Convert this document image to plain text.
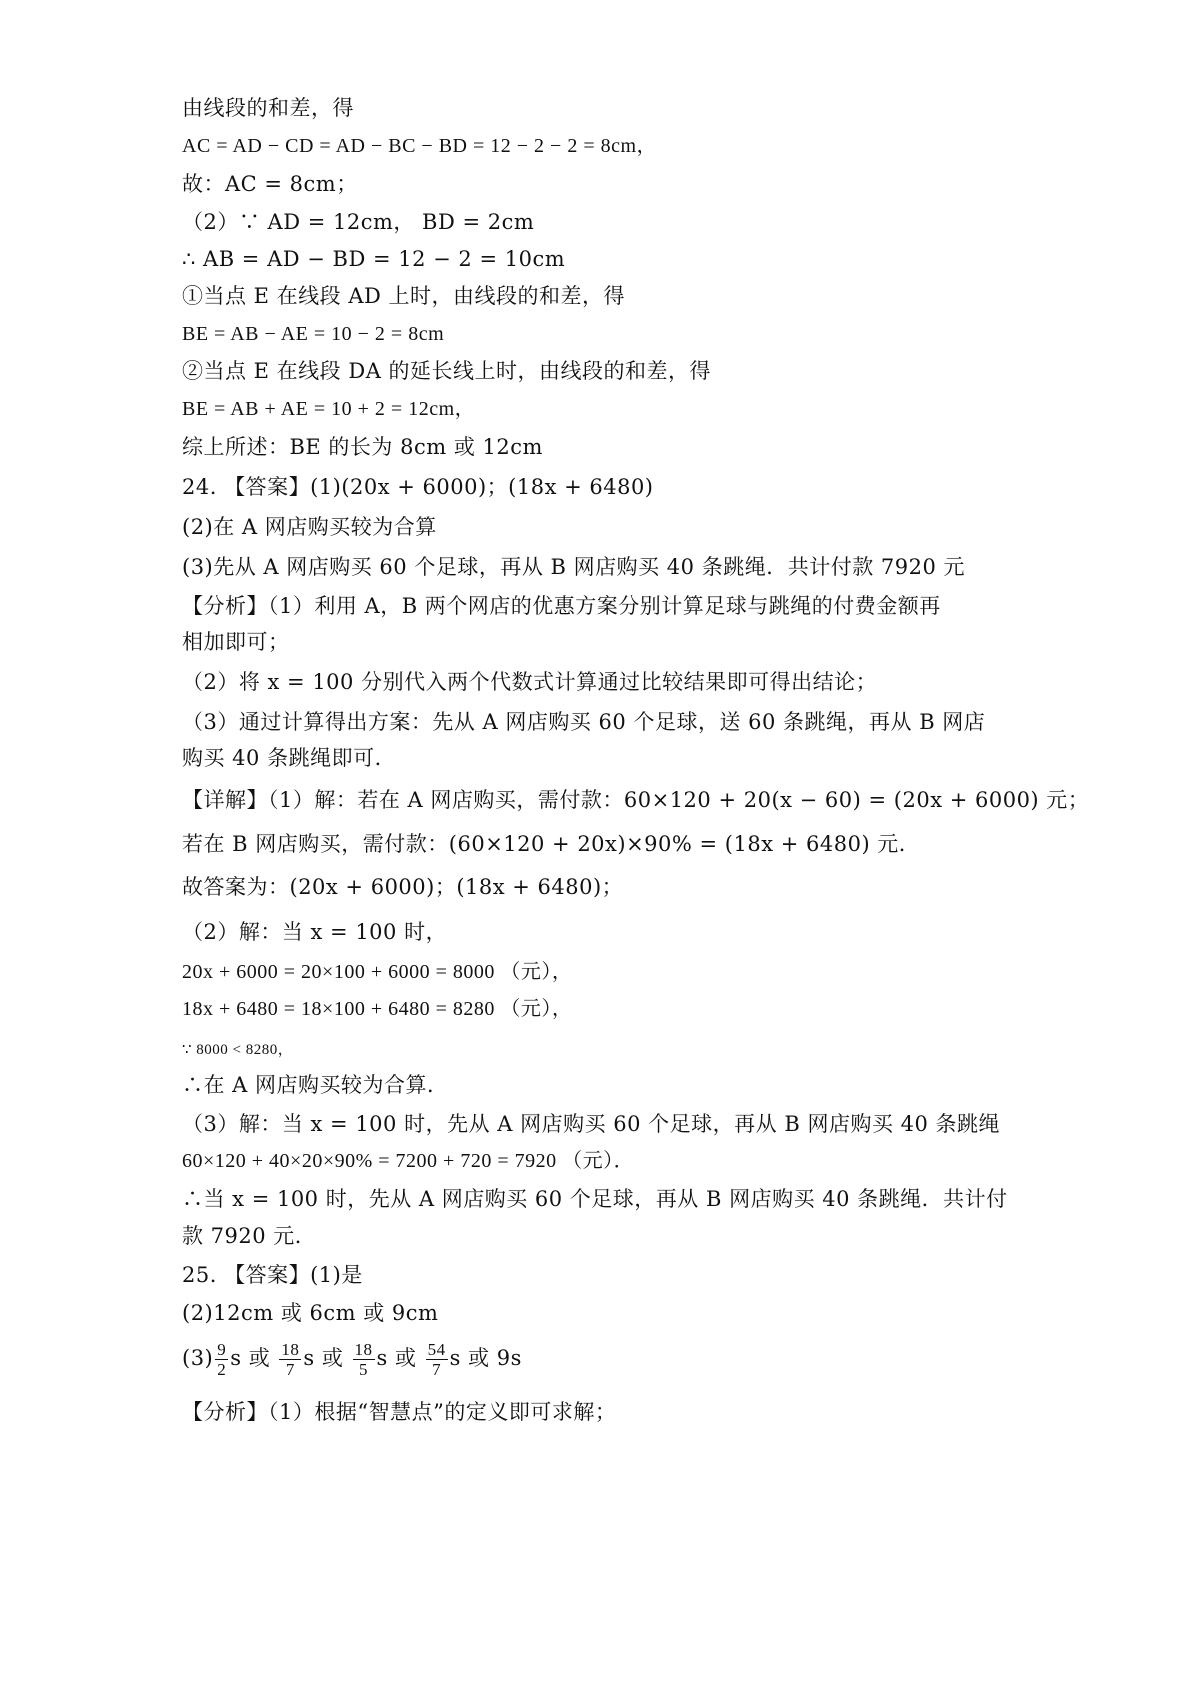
由线段的和差，得
AC = AD − CD = AD − BC − BD = 12 − 2 − 2 = 8cm，
故：AC = 8cm；
（2）∵ AD = 12cm， BD = 2cm
∴ AB = AD − BD = 12 − 2 = 10cm
①当点 E 在线段 AD 上时，由线段的和差，得
BE = AB − AE = 10 − 2 = 8cm
②当点 E 在线段 DA 的延长线上时，由线段的和差，得
BE = AB + AE = 10 + 2 = 12cm，
综上所述：BE 的长为 8cm 或 12cm
24. 【答案】(1)(20x + 6000)；(18x + 6480)
(2)在 A 网店购买较为合算
(3)先从 A 网店购买 60 个足球，再从 B 网店购买 40 条跳绳．共计付款 7920 元
【分析】（1）利用 A，B 两个网店的优惠方案分别计算足球与跳绳的付费金额再
相加即可；
（2）将 x = 100 分别代入两个代数式计算通过比较结果即可得出结论；
（3）通过计算得出方案：先从 A 网店购买 60 个足球，送 60 条跳绳，再从 B 网店
购买 40 条跳绳即可．
【详解】（1）解：若在 A 网店购买，需付款：60×120 + 20(x − 60) = (20x + 6000) 元；
若在 B 网店购买，需付款：(60×120 + 20x)×90% = (18x + 6480) 元．
故答案为：(20x + 6000)；(18x + 6480)；
（2）解：当 x = 100 时，
20x + 6000 = 20×100 + 6000 = 8000 （元），
18x + 6480 = 18×100 + 6480 = 8280 （元），
∵ 8000 < 8280，
∴在 A 网店购买较为合算．
（3）解：当 x = 100 时，先从 A 网店购买 60 个足球，再从 B 网店购买 40 条跳绳
60×120 + 40×20×90% = 7200 + 720 = 7920 （元）．
∴当 x = 100 时，先从 A 网店购买 60 个足球，再从 B 网店购买 40 条跳绳．共计付
款 7920 元．
25. 【答案】(1)是
(2)12cm 或 6cm 或 9cm
$(3) \frac{9}{2}$ s 或 $\frac{18}{7}$ s 或 $\frac{18}{5}$ s 或 $\frac{54}{7}$ s 或 9s
【分析】（1）根据“智慧点”的定义即可求解；
